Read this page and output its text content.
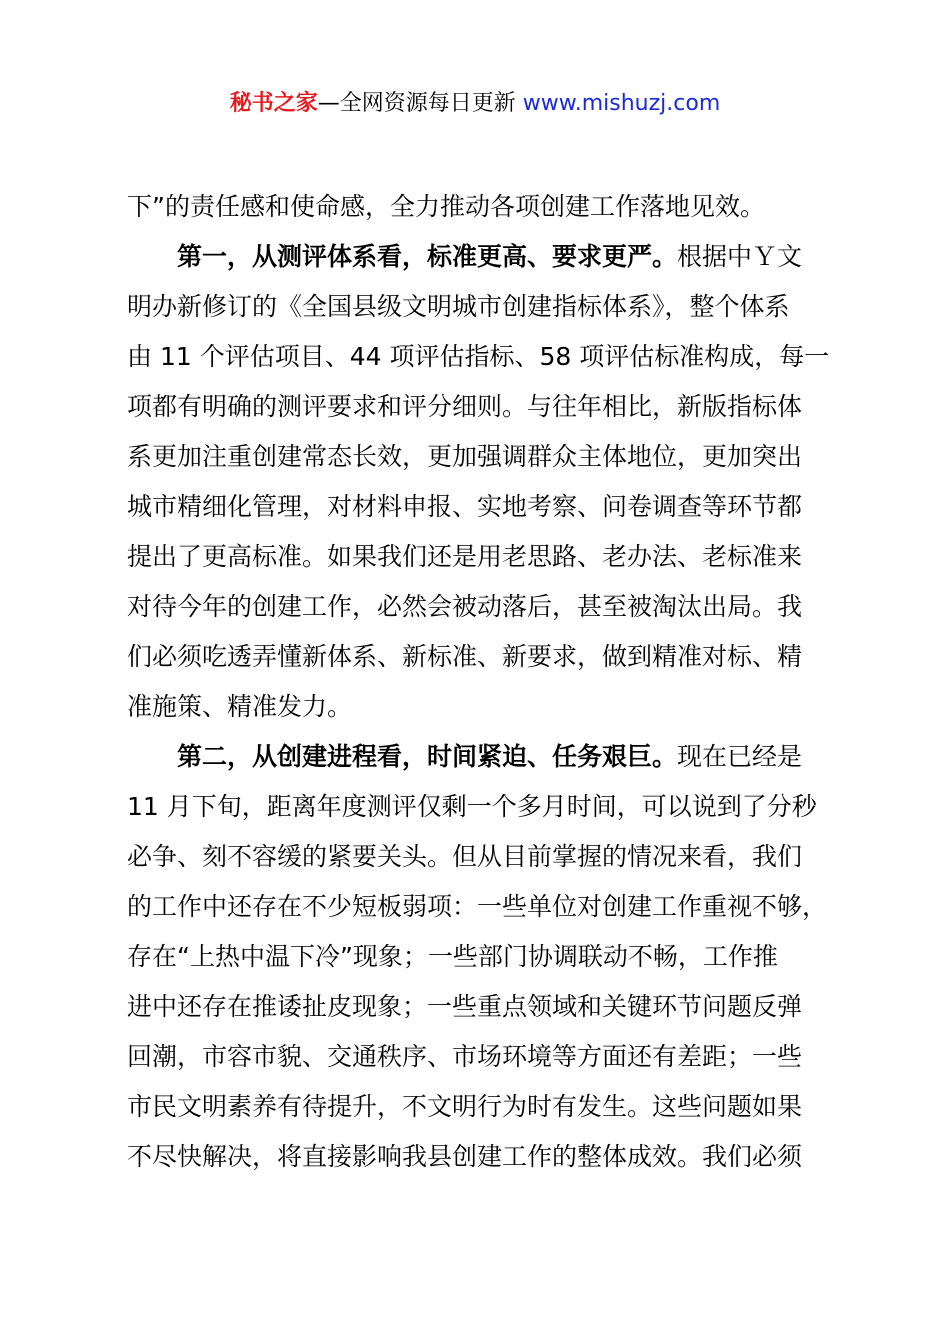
秘书之家—全网资源每日更新 www.mishuzj.com
下”的责任感和使命感，全力推动各项创建工作落地见效。
第一，从测评体系看，标准更高、要求更严。根据中Ｙ文
明办新修订的《全国县级文明城市创建指标体系》，整个体系
由 11 个评估项目、44 项评估指标、58 项评估标准构成，每一
项都有明确的测评要求和评分细则。与往年相比，新版指标体
系更加注重创建常态长效，更加强调群众主体地位，更加突出
城市精细化管理，对材料申报、实地考察、问卷调查等环节都
提出了更高标准。如果我们还是用老思路、老办法、老标准来
对待今年的创建工作，必然会被动落后，甚至被淘汰出局。我
们必须吃透弄懂新体系、新标准、新要求，做到精准对标、精
准施策、精准发力。
第二，从创建进程看，时间紧迫、任务艰巨。现在已经是
11 月下旬，距离年度测评仅剩一个多月时间，可以说到了分秒
必争、刻不容缓的紧要关头。但从目前掌握的情况来看，我们
的工作中还存在不少短板弱项：一些单位对创建工作重视不够，
存在“上热中温下冷”现象；一些部门协调联动不畅，工作推
进中还存在推诿扯皮现象；一些重点领域和关键环节问题反弹
回潮，市容市貌、交通秩序、市场环境等方面还有差距；一些
市民文明素养有待提升，不文明行为时有发生。这些问题如果
不尽快解决，将直接影响我县创建工作的整体成效。我们必须
